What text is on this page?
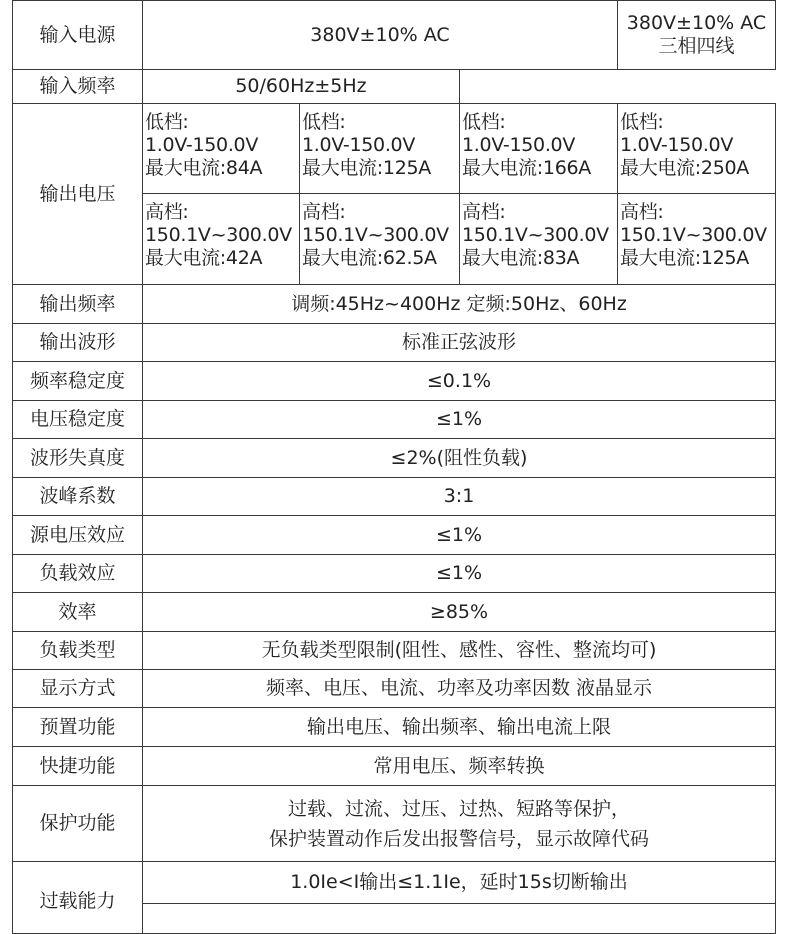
输入电源	380V±10% AC			380V±10% AC
三相四线

输入频率	50/60Hz±5Hz			
输出电压	低档:
1.0V-150.0V
最大电流:84A	低档:
1.0V-150.0V
最大电流:125A	低档:
1.0V-150.0V
最大电流:166A	低档:
1.0V-150.0V
最大电流:250A

	高档:
150.1V~300.0V
最大电流:42A	高档:
150.1V~300.0V
最大电流:62.5A	高档:
150.1V~300.0V
最大电流:83A	高档:
150.1V~300.0V
最大电流:125A

输出频率	调频:45Hz~400Hz 定频:50Hz、60Hz			
输出波形	标准正弦波形			
频率稳定度	≤0.1%			
电压稳定度	≤1%			
波形失真度	≤2%(阻性负载)			
波峰系数	3:1			
源电压效应	≤1%			
负载效应	≤1%			
效率	≥85%			
负载类型	无负载类型限制(阻性、感性、容性、整流均可)			
显示方式	频率、电压、电流、功率及功率因数 液晶显示			
预置功能	输出电压、输出频率、输出电流上限			
快捷功能	常用电压、频率转换			
保护功能	过载、过流、过压、过热、短路等保护，
保护装置动作后发出报警信号，显示故障代码			

过载能力	1.0Ie<I输出≤1.1Ie，延时15s切断输出			
